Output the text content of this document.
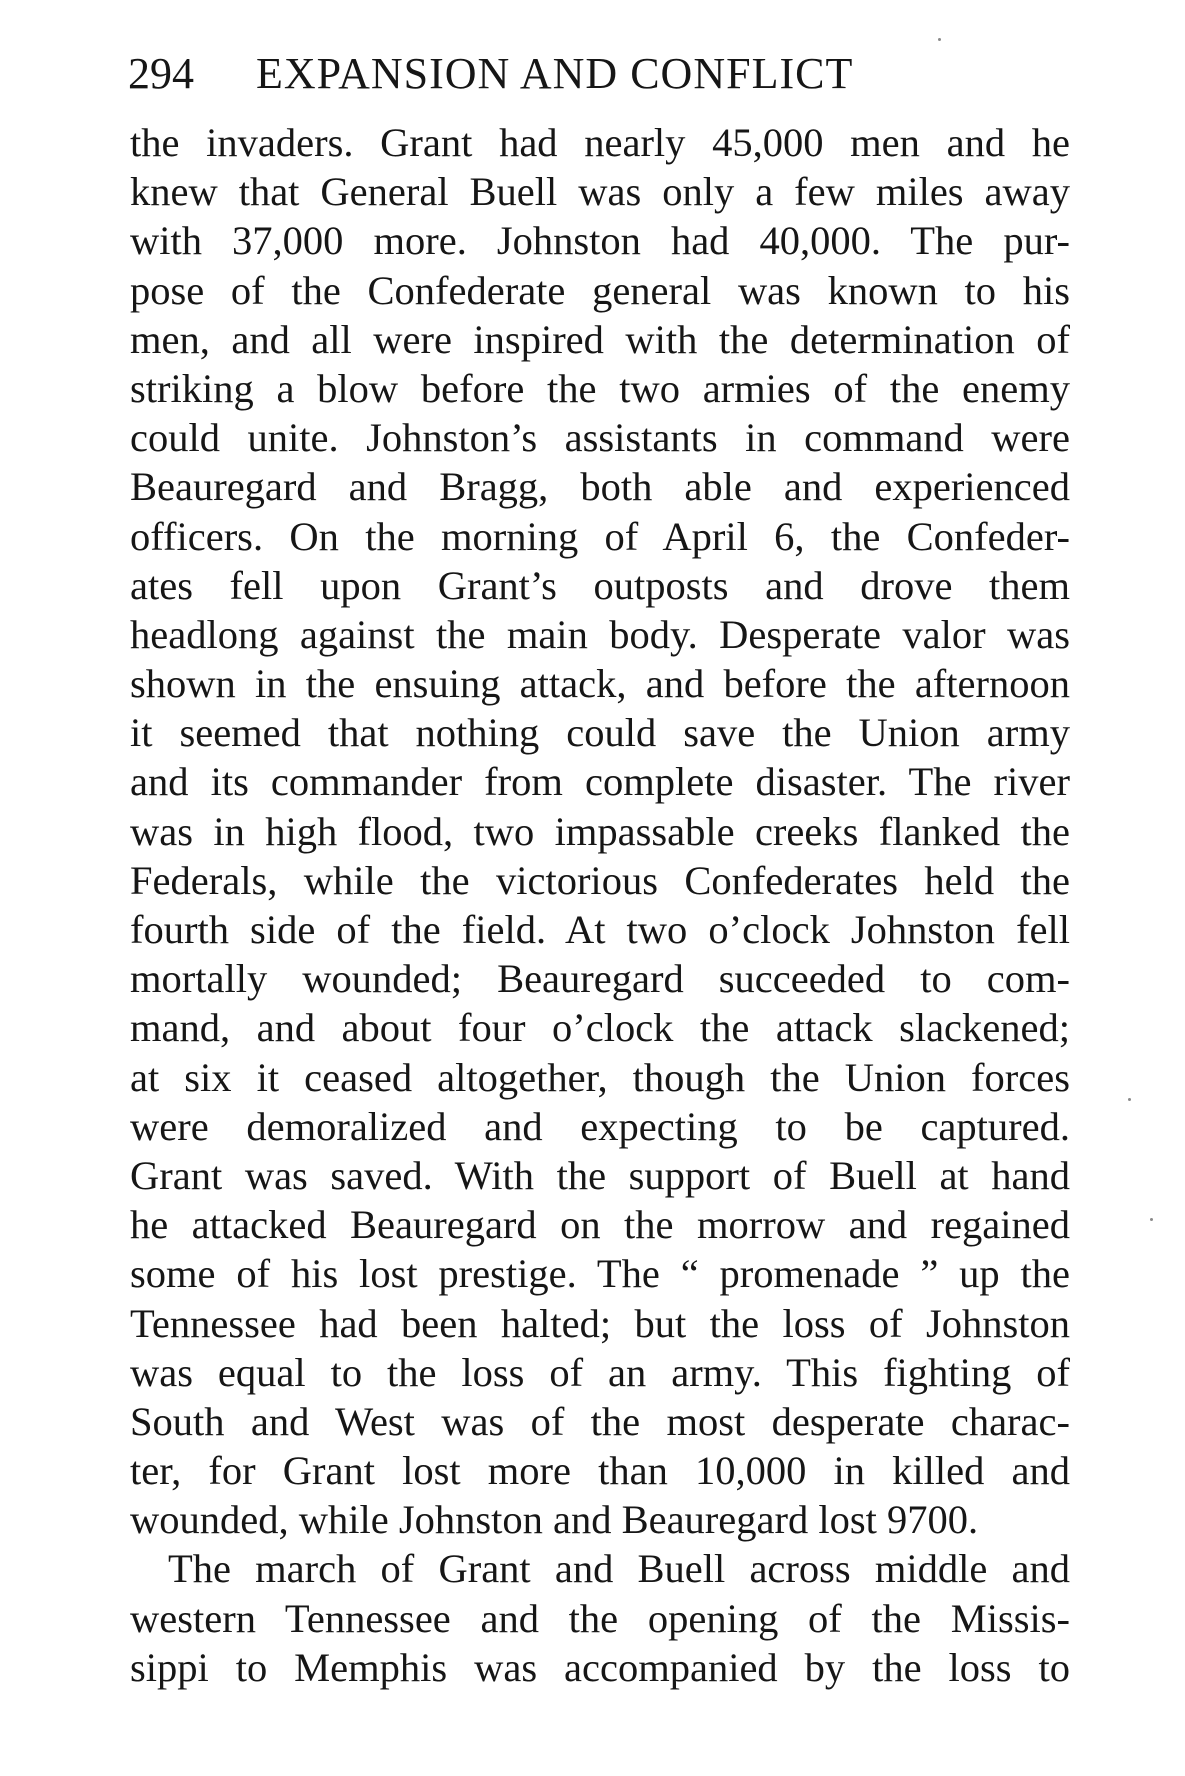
294 EXPANSION AND CONFLICT
the invaders. Grant had nearly 45,000 men and he
knew that General Buell was only a few miles away
with 37,000 more. Johnston had 40,000. The pur-
pose of the Confederate general was known to his
men, and all were inspired with the determination of
striking a blow before the two armies of the enemy
could unite. Johnston’s assistants in command were
Beauregard and Bragg, both able and experienced
officers. On the morning of April 6, the Confeder-
ates fell upon Grant’s outposts and drove them
headlong against the main body. Desperate valor was
shown in the ensuing attack, and before the afternoon
it seemed that nothing could save the Union army
and its commander from complete disaster. The river
was in high flood, two impassable creeks flanked the
Federals, while the victorious Confederates held the
fourth side of the field. At two o’clock Johnston fell
mortally wounded; Beauregard succeeded to com-
mand, and about four o’clock the attack slackened;
at six it ceased altogether, though the Union forces
were demoralized and expecting to be captured.
Grant was saved. With the support of Buell at hand
he attacked Beauregard on the morrow and regained
some of his lost prestige. The “ promenade ” up the
Tennessee had been halted; but the loss of Johnston
was equal to the loss of an army. This fighting of
South and West was of the most desperate charac-
ter, for Grant lost more than 10,000 in killed and
wounded, while Johnston and Beauregard lost 9700.
The march of Grant and Buell across middle and
western Tennessee and the opening of the Missis-
sippi to Memphis was accompanied by the loss to
